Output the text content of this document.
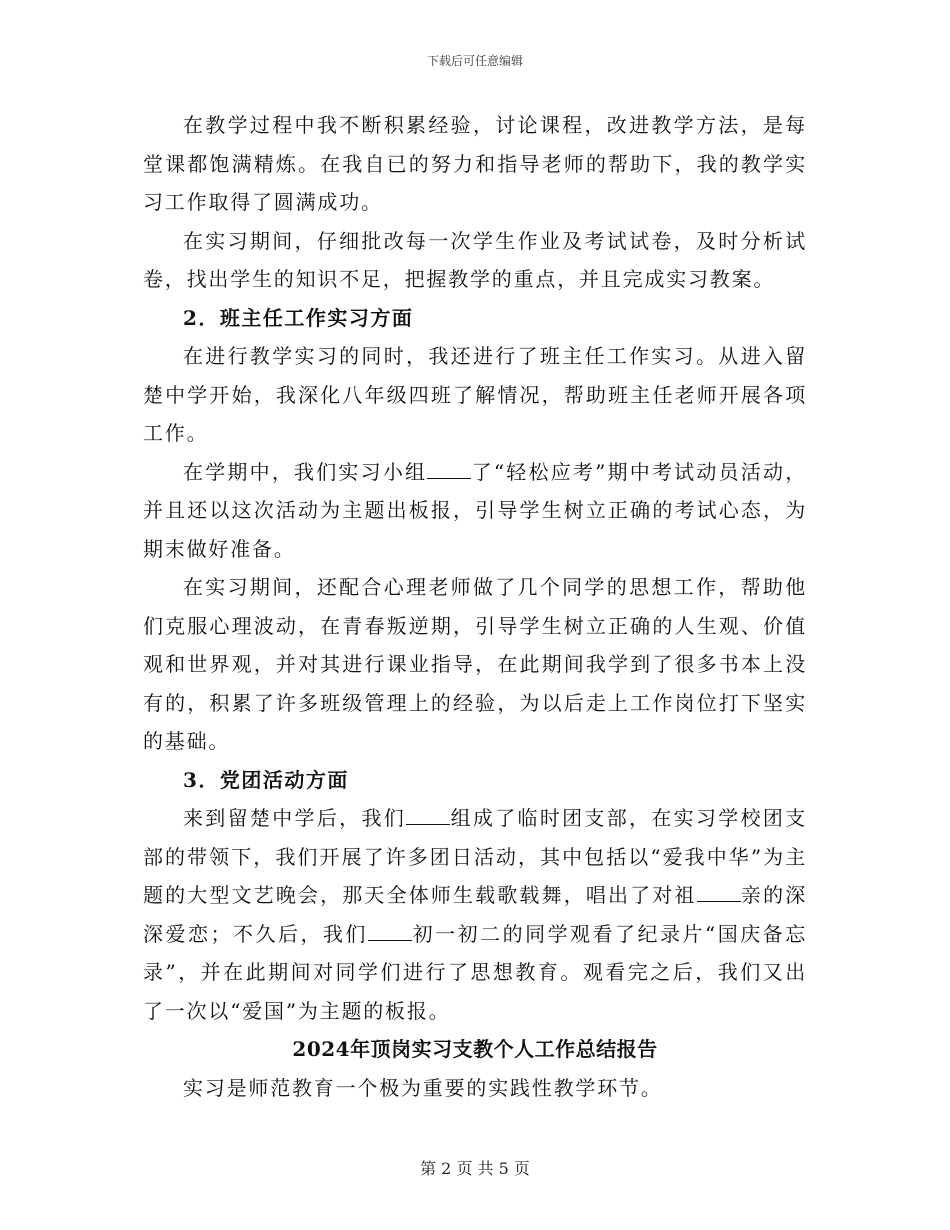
下载后可任意编辑

在教学过程中我不断积累经验，讨论课程，改进教学方法，是每堂课都饱满精炼。在我自已的努力和指导老师的帮助下，我的教学实习工作取得了圆满成功。

在实习期间，仔细批改每一次学生作业及考试试卷，及时分析试卷，找出学生的知识不足，把握教学的重点，并且完成实习教案。

2．班主任工作实习方面

在进行教学实习的同时，我还进行了班主任工作实习。从进入留楚中学开始，我深化八年级四班了解情况，帮助班主任老师开展各项工作。

在学期中，我们实习小组 了“轻松应考”期中考试动员活动，并且还以这次活动为主题出板报，引导学生树立正确的考试心态，为期末做好准备。

在实习期间，还配合心理老师做了几个同学的思想工作，帮助他们克服心理波动，在青春叛逆期，引导学生树立正确的人生观、价值观和世界观，并对其进行课业指导，在此期间我学到了很多书本上没有的，积累了许多班级管理上的经验，为以后走上工作岗位打下坚实的基础。

3．党团活动方面

来到留楚中学后，我们 组成了临时团支部，在实习学校团支部的带领下，我们开展了许多团日活动，其中包括以“爱我中华”为主题的大型文艺晚会，那天全体师生载歌载舞，唱出了对祖 亲的深深爱恋；不久后，我们 初一初二的同学观看了纪录片“国庆备忘录”，并在此期间对同学们进行了思想教育。观看完之后，我们又出了一次以“爱国”为主题的板报。

2024年顶岗实习支教个人工作总结报告

实习是师范教育一个极为重要的实践性教学环节。

第 2 页 共 5 页
